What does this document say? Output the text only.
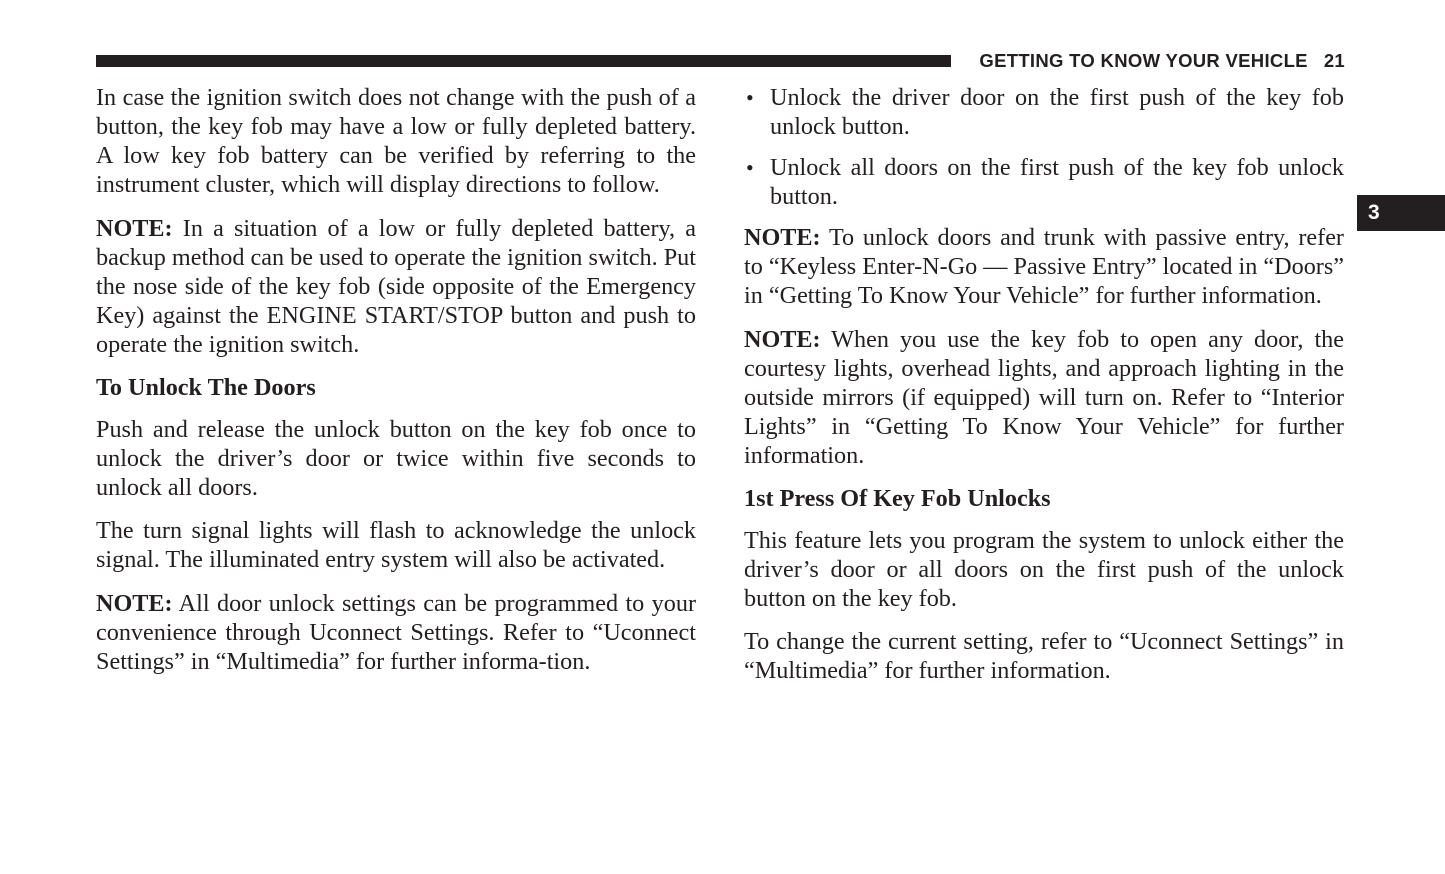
GETTING TO KNOW YOUR VEHICLE 21
3

In case the ignition switch does not change with the push of a button, the key fob may have a low or fully depleted battery. A low key fob battery can be verified by referring to the instrument cluster, which will display directions to follow.

NOTE: In a situation of a low or fully depleted battery, a backup method can be used to operate the ignition switch. Put the nose side of the key fob (side opposite of the Emergency Key) against the ENGINE START/STOP button and push to operate the ignition switch.

To Unlock The Doors

Push and release the unlock button on the key fob once to unlock the driver’s door or twice within five seconds to unlock all doors.

The turn signal lights will flash to acknowledge the unlock signal. The illuminated entry system will also be activated.

NOTE: All door unlock settings can be programmed to your convenience through Uconnect Settings. Refer to “Uconnect Settings” in “Multimedia” for further informa-tion.

• Unlock the driver door on the first push of the key fob unlock button.
• Unlock all doors on the first push of the key fob unlock button.

NOTE: To unlock doors and trunk with passive entry, refer to “Keyless Enter-N-Go — Passive Entry” located in “Doors” in “Getting To Know Your Vehicle” for further information.

NOTE: When you use the key fob to open any door, the courtesy lights, overhead lights, and approach lighting in the outside mirrors (if equipped) will turn on. Refer to “Interior Lights” in “Getting To Know Your Vehicle” for further information.

1st Press Of Key Fob Unlocks

This feature lets you program the system to unlock either the driver’s door or all doors on the first push of the unlock button on the key fob.

To change the current setting, refer to “Uconnect Settings” in “Multimedia” for further information.
